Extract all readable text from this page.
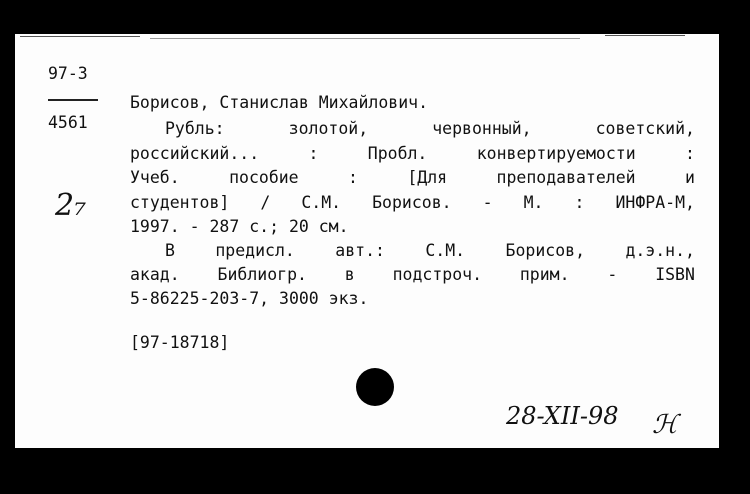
97-3
4561
2₇
Борисов, Станислав Михайлович.
Рубль:	золотой,	червонный,	советский,
российский...	:	Пробл.	конвертируемости	:
Учеб.	пособие	:	[Для	преподавателей	и
студентов] / С.М. Борисов. - М. : ИНФРА-М,
1997. - 287 с.; 20 см.
В предисл. авт.: С.М. Борисов, д.э.н.,
акад. Библиогр. в подстроч. прим. - ISBN
5-86225-203-7, 3000 экз.
[97-18718]
28-XII-98 ℋ
